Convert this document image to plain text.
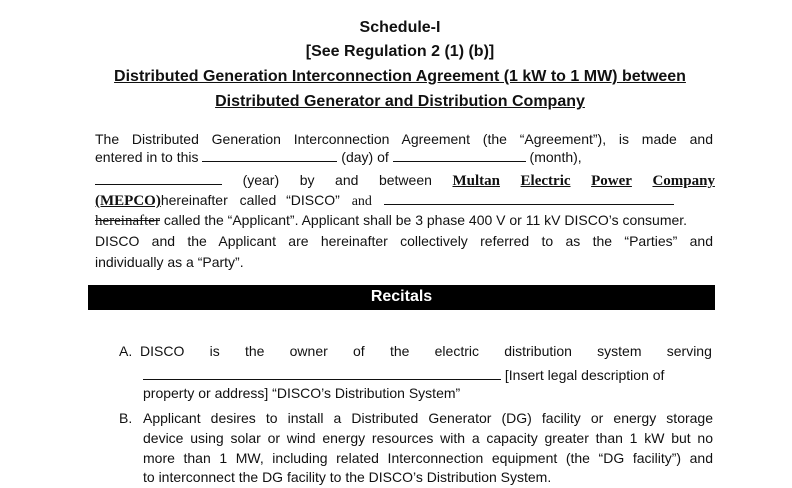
Schedule-I
[See Regulation 2 (1) (b)]
Distributed Generation Interconnection Agreement (1 kW to 1 MW) between
Distributed Generator and Distribution Company
The Distributed Generation Interconnection Agreement (the “Agreement”), is made and
entered in to this	(day) of	(month),
(year) by and between Multan Electric Power Company
(MEPCO)hereinafter called “DISCO” and
hereinafter called the “Applicant”. Applicant shall be 3 phase 400 V or 11 kV DISCO’s consumer.
DISCO and the Applicant are hereinafter collectively referred to as the “Parties” and
individually as a “Party”.
Recitals
A. DISCO is the owner of the electric distribution system serving
[Insert legal description of
property or address] “DISCO’s Distribution System”
B. Applicant desires to install a Distributed Generator (DG) facility or energy storage
device using solar or wind energy resources with a capacity greater than 1 kW but no
more than 1 MW, including related Interconnection equipment (the “DG facility”) and
to interconnect the DG facility to the DISCO’s Distribution System.
